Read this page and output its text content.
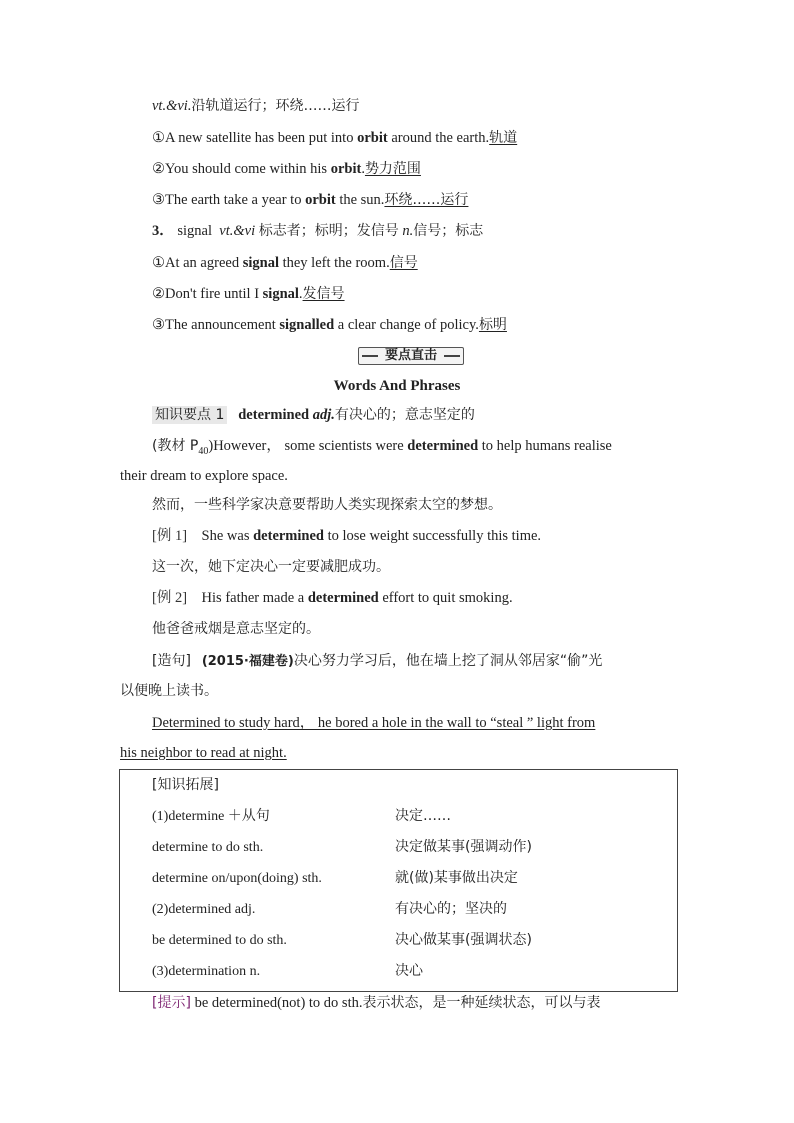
vt.&vi.沿轨道运行；环绕……运行
①A new satellite has been put into orbit around the earth.轨道
②You should come within his orbit.势力范围
③The earth take a year to orbit the sun.环绕……运行
3． signal vt.&vi 标志者；标明；发信号 n.信号；标志
①At an agreed signal they left the room.信号
②Don't fire until I signal.发信号
③The announcement signalled a clear change of policy.标明
要点直击
Words And Phrases
知识要点 1 determined adj.有决心的；意志坚定的
(教材 $P_{40})However$， some scientists were determined to help humans realise
their dream to explore space.
然而，一些科学家决意要帮助人类实现探索太空的梦想。
[例 1] She was determined to lose weight successfully this time.
这一次，她下定决心一定要减肥成功。
[例 2] His father made a determined effort to quit smoking.
他爸爸戒烟是意志坚定的。
[造句] (2015·福建卷)决心努力学习后，他在墙上挖了洞从邻居家“偷”光
以便晚上读书。
Determined to study hard， he bored a hole in the wall to “steal ” light from
his neighbor to read at night.
[知识拓展]
(1)determine ＋从句	决定……
determine to do sth.	决定做某事(强调动作)
determine on/upon(doing) sth.	就(做)某事做出决定
(2)determined adj.	有决心的；坚决的
be determined to do sth.	决心做某事(强调状态)
(3)determination n.	决心
[提示] be determined(not) to do sth.表示状态，是一种延续状态，可以与表
